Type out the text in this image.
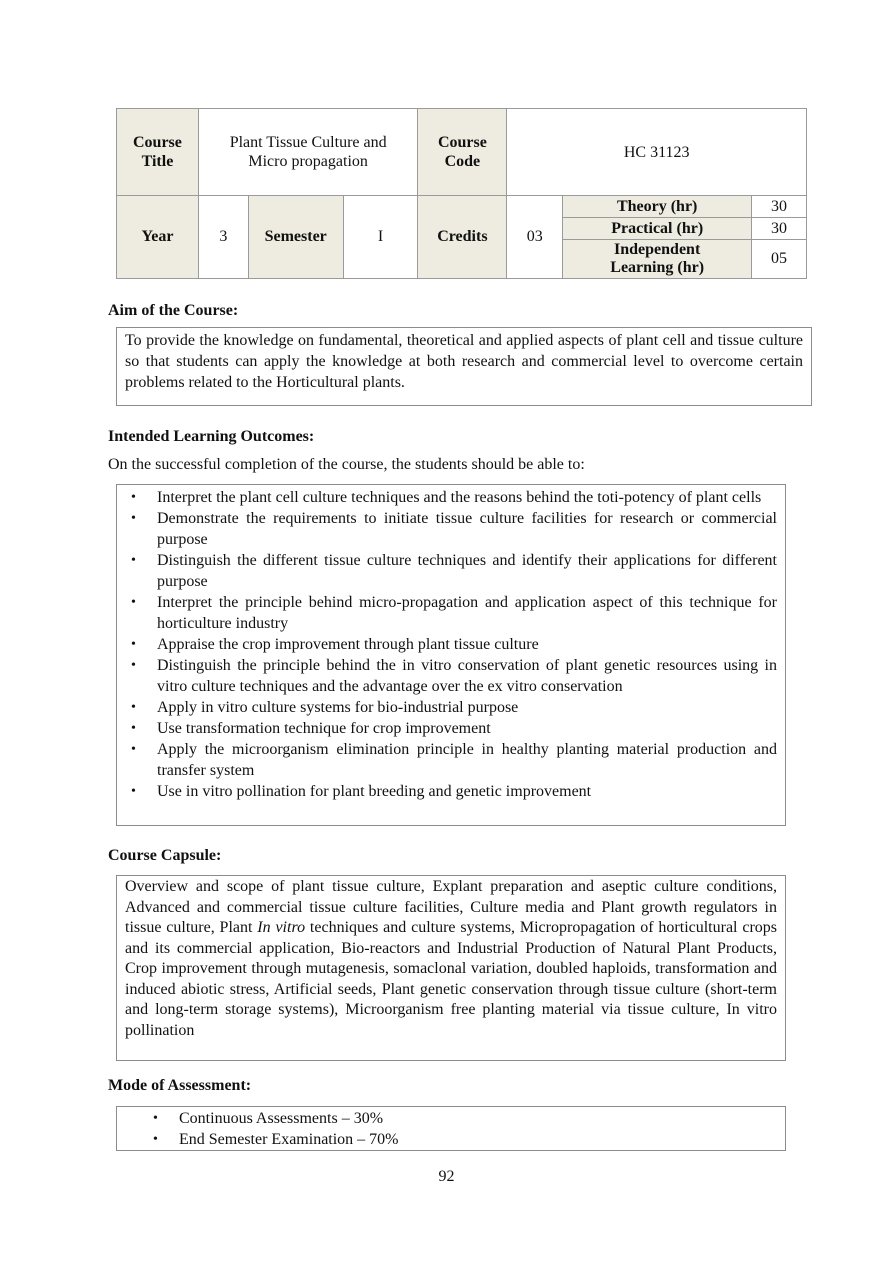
Course Title	Plant Tissue Culture and Micro propagation			Course Code	HC 31123		
Year	3	Semester	I	Credits	03	Theory (hr)	30
						Practical (hr)	30
						Independent Learning (hr)	05
Aim of the Course:
To provide the knowledge on fundamental, theoretical and applied aspects of plant cell and tissue culture so that students can apply the knowledge at both research and commercial level to overcome certain problems related to the Horticultural plants.
Intended Learning Outcomes:
On the successful completion of the course, the students should be able to:
• Interpret the plant cell culture techniques and the reasons behind the toti-potency of plant cells
• Demonstrate the requirements to initiate tissue culture facilities for research or commercial purpose
• Distinguish the different tissue culture techniques and identify their applications for different purpose
• Interpret the principle behind micro-propagation and application aspect of this technique for horticulture industry
• Appraise the crop improvement through plant tissue culture
• Distinguish the principle behind the in vitro conservation of plant genetic resources using in vitro culture techniques and the advantage over the ex vitro conservation
• Apply in vitro culture systems for bio-industrial purpose
• Use transformation technique for crop improvement
• Apply the microorganism elimination principle in healthy planting material production and transfer system
• Use in vitro pollination for plant breeding and genetic improvement
Course Capsule:
Overview and scope of plant tissue culture, Explant preparation and aseptic culture conditions, Advanced and commercial tissue culture facilities, Culture media and Plant growth regulators in tissue culture, Plant In vitro techniques and culture systems, Micropropagation of horticultural crops and its commercial application, Bio-reactors and Industrial Production of Natural Plant Products, Crop improvement through mutagenesis, somaclonal variation, doubled haploids, transformation and induced abiotic stress, Artificial seeds, Plant genetic conservation through tissue culture (short-term and long-term storage systems), Microorganism free planting material via tissue culture, In vitro pollination
Mode of Assessment:
• Continuous Assessments – 30%
• End Semester Examination – 70%
92
